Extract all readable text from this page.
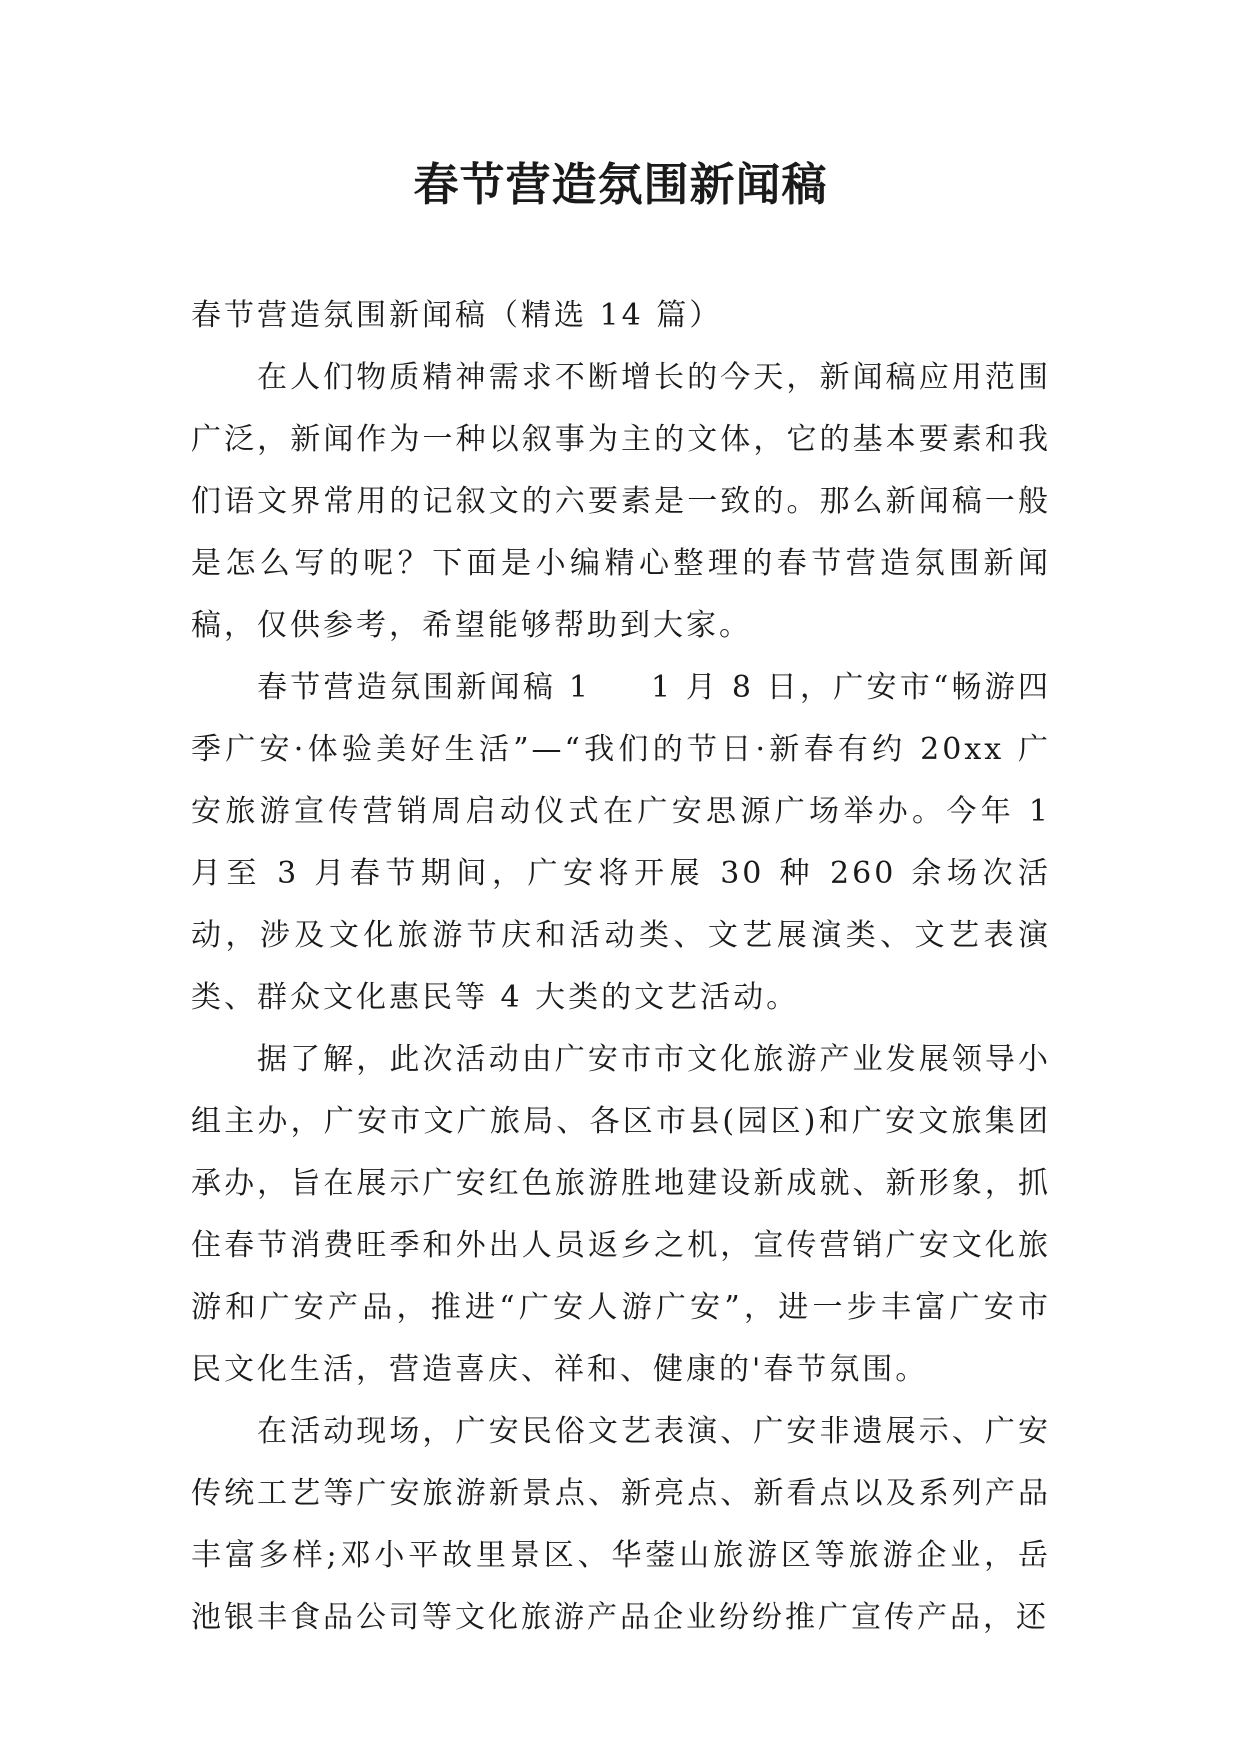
春节营造氛围新闻稿

春节营造氛围新闻稿（精选 14 篇）

在人们物质精神需求不断增长的今天，新闻稿应用范围广泛，新闻作为一种以叙事为主的文体，它的基本要素和我们语文界常用的记叙文的六要素是一致的。那么新闻稿一般是怎么写的呢？下面是小编精心整理的春节营造氛围新闻稿，仅供参考，希望能够帮助到大家。

春节营造氛围新闻稿 1 1 月 8 日，广安市“畅游四季广安·体验美好生活”—“我们的节日·新春有约 20xx 广安旅游宣传营销周启动仪式在广安思源广场举办。今年 1 月至 3 月春节期间，广安将开展 30 种 260 余场次活动，涉及文化旅游节庆和活动类、文艺展演类、文艺表演类、群众文化惠民等 4 大类的文艺活动。

据了解，此次活动由广安市市文化旅游产业发展领导小组主办，广安市文广旅局、各区市县(园区)和广安文旅集团承办，旨在展示广安红色旅游胜地建设新成就、新形象，抓住春节消费旺季和外出人员返乡之机，宣传营销广安文化旅游和广安产品，推进“广安人游广安”，进一步丰富广安市民文化生活，营造喜庆、祥和、健康的'春节氛围。

在活动现场，广安民俗文艺表演、广安非遗展示、广安传统工艺等广安旅游新景点、新亮点、新看点以及系列产品丰富多样;邓小平故里景区、华蓥山旅游区等旅游企业，岳池银丰食品公司等文化旅游产品企业纷纷推广宣传产品，还
